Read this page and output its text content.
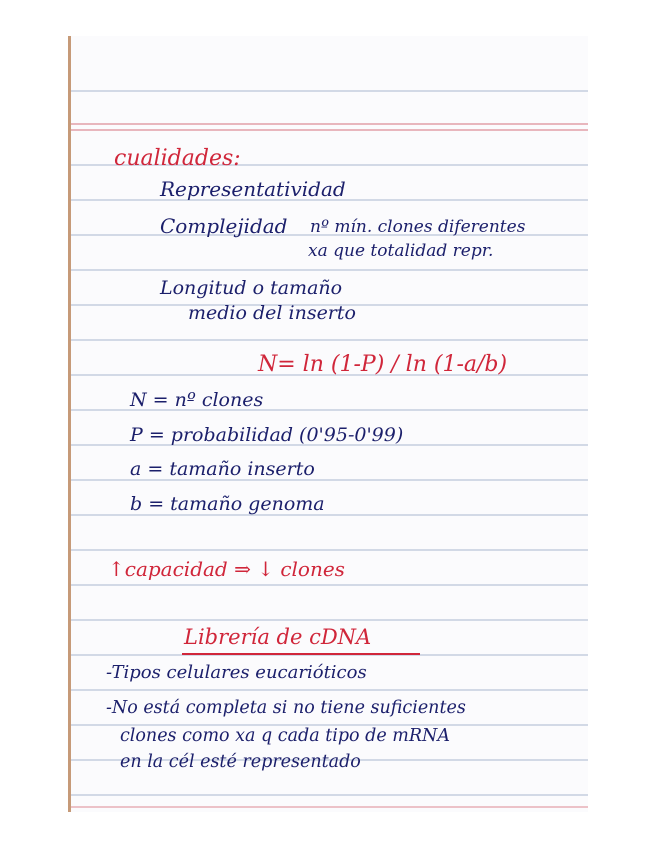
cualidades:
Representatividad
Complejidad nº mín. clones diferentes
xa que totalidad repr.
Longitud o tamaño
medio del inserto
N= ln (1-P) / ln (1-a/b)
N = nº clones
P = probabilidad (0'95-0'99)
a = tamaño inserto
b = tamaño genoma
↑capacidad ⇒ ↓ clones
Librería de cDNA
-Tipos celulares eucarióticos
-No está completa si no tiene suficientes
clones como xa q cada tipo de mRNA
en la cél esté representado
